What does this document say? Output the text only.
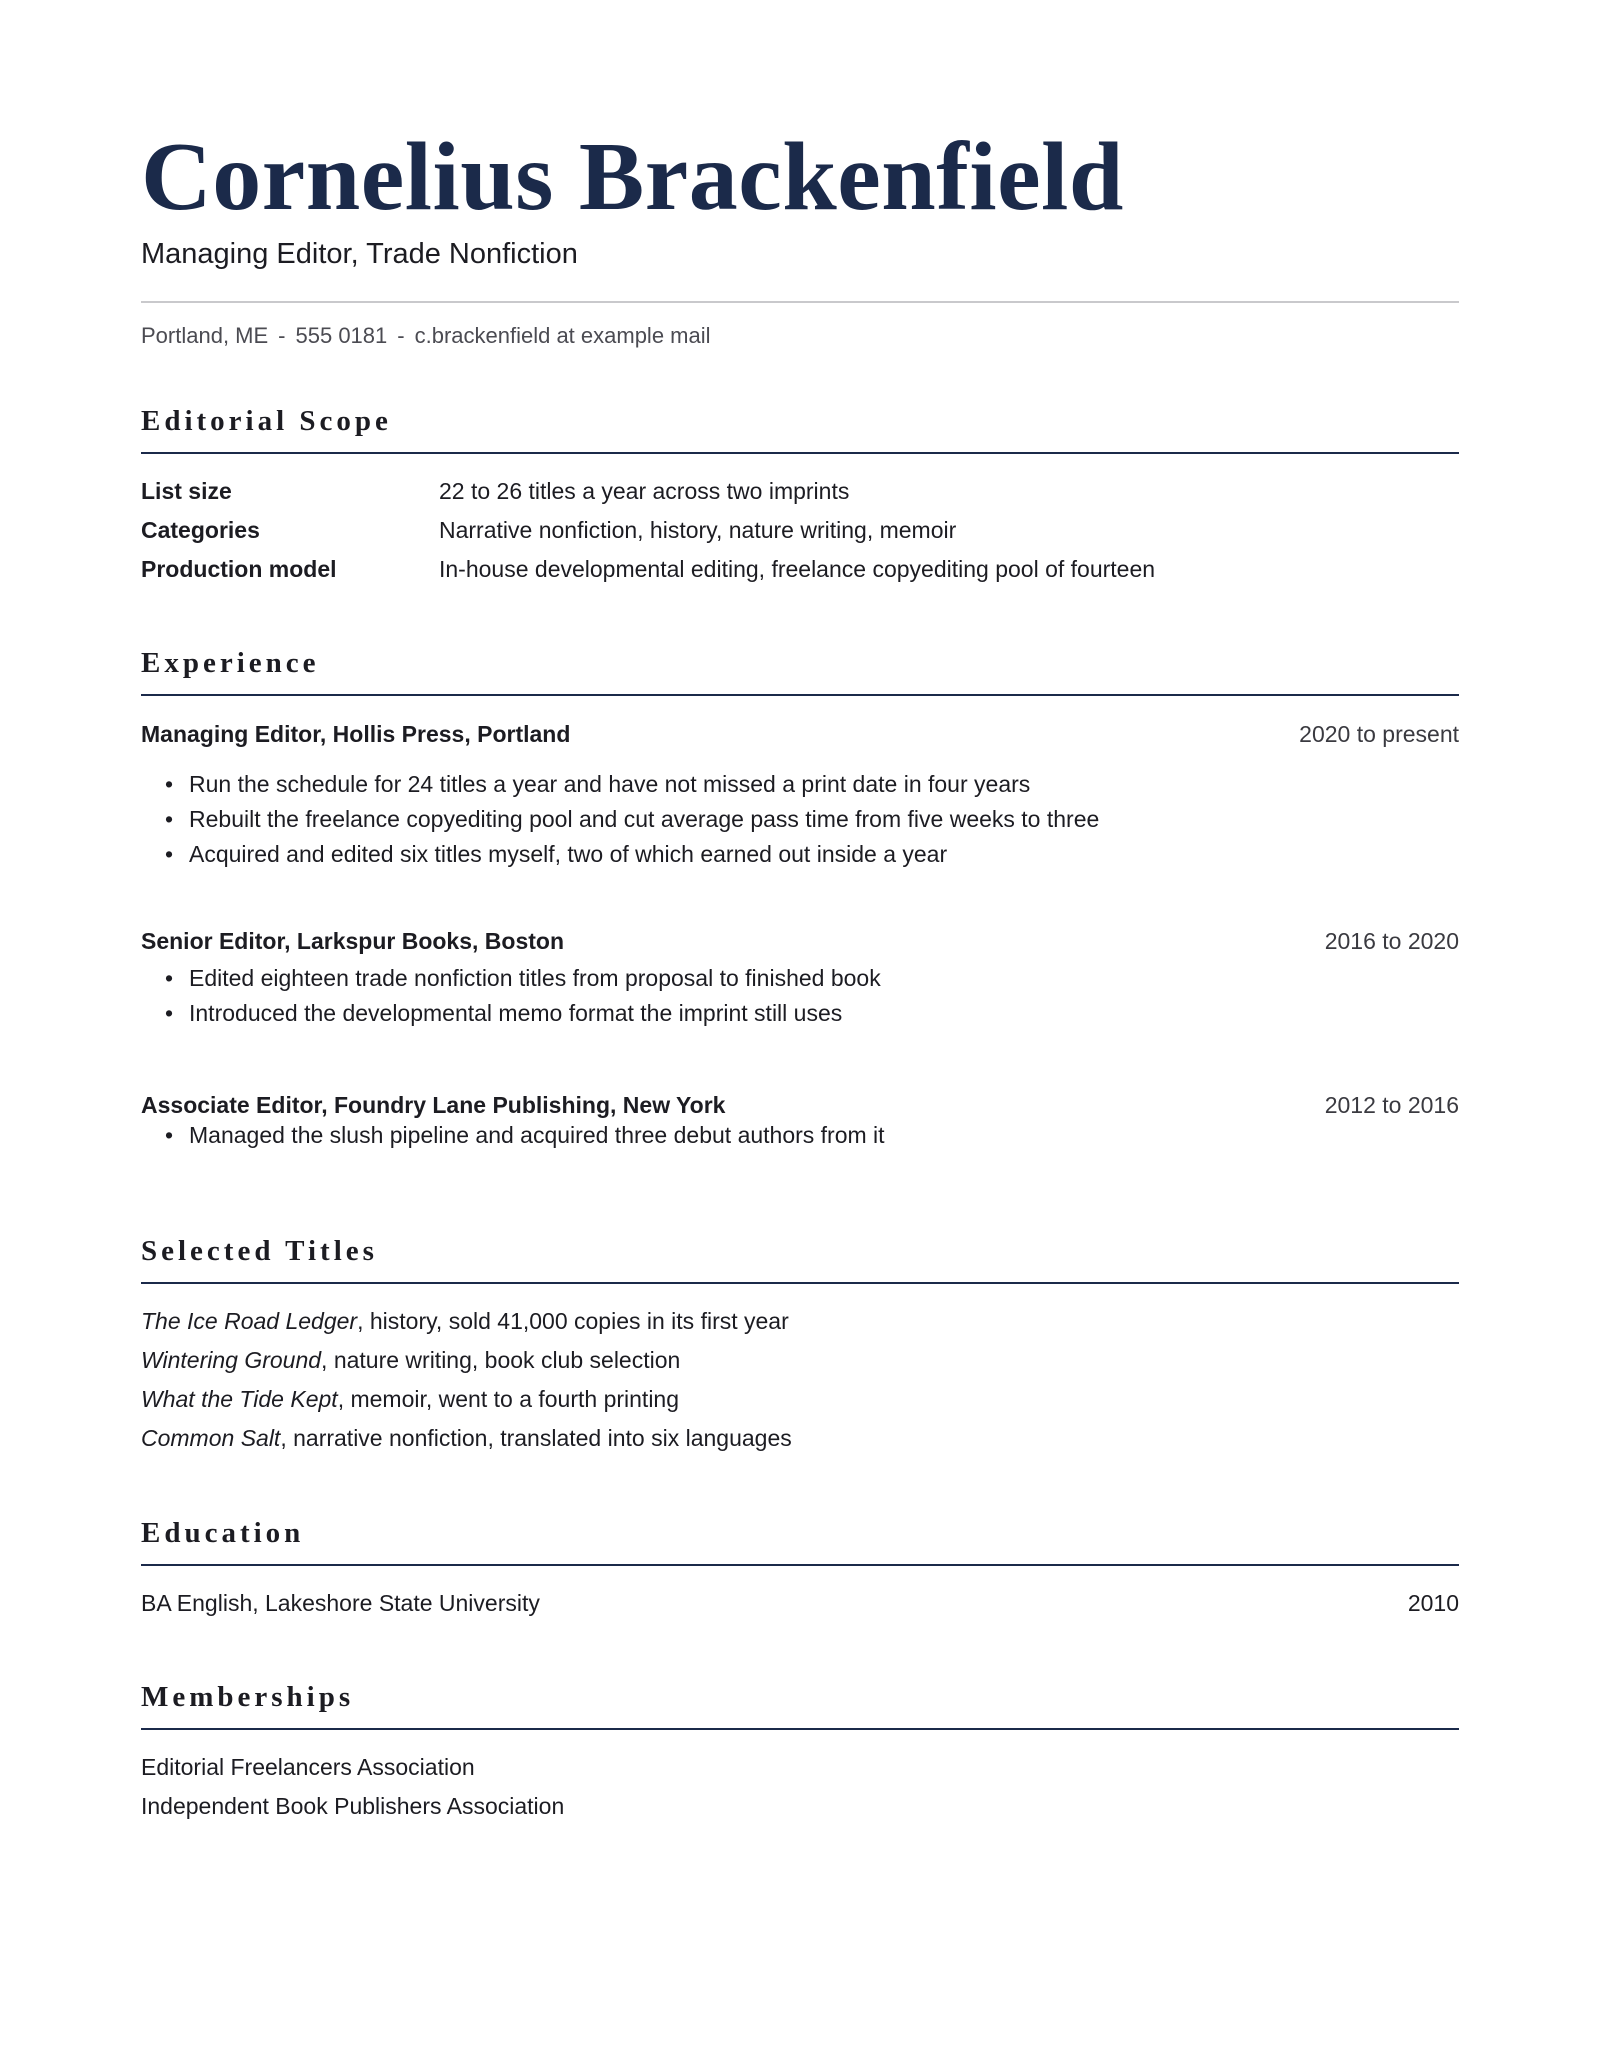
Cornelius Brackenfield
Managing Editor, Trade Nonfiction
Portland, ME - 555 0181 - c.brackenfield at example mail
Editorial Scope
List size	22 to 26 titles a year across two imprints
Categories	Narrative nonfiction, history, nature writing, memoir
Production model	In-house developmental editing, freelance copyediting pool of fourteen
Experience
Managing Editor, Hollis Press, Portland	2020 to present
• Run the schedule for 24 titles a year and have not missed a print date in four years
• Rebuilt the freelance copyediting pool and cut average pass time from five weeks to three
• Acquired and edited six titles myself, two of which earned out inside a year
Senior Editor, Larkspur Books, Boston	2016 to 2020
• Edited eighteen trade nonfiction titles from proposal to finished book
• Introduced the developmental memo format the imprint still uses
Associate Editor, Foundry Lane Publishing, New York	2012 to 2016
• Managed the slush pipeline and acquired three debut authors from it
Selected Titles
The Ice Road Ledger, history, sold 41,000 copies in its first year
Wintering Ground, nature writing, book club selection
What the Tide Kept, memoir, went to a fourth printing
Common Salt, narrative nonfiction, translated into six languages
Education
BA English, Lakeshore State University	2010
Memberships
Editorial Freelancers Association
Independent Book Publishers Association
